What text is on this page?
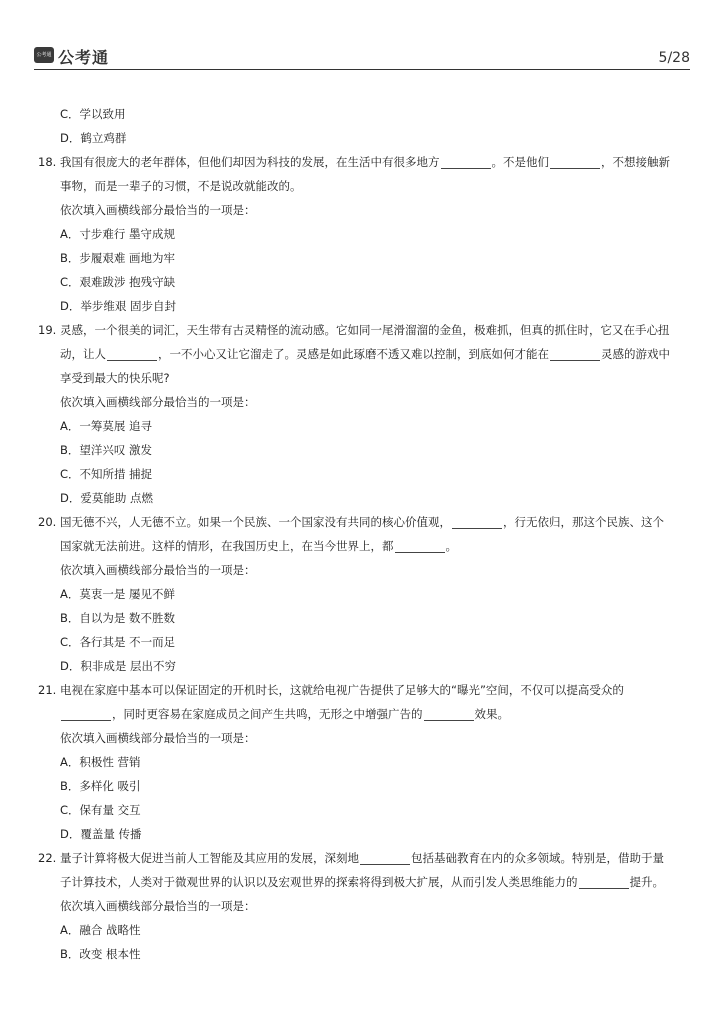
公考通 公考通	5/28
C．学以致用
D．鹤立鸡群
18. 我国有很庞大的老年群体，但他们却因为科技的发展，在生活中有很多地方	。不是他们	，不想接触新
事物，而是一辈子的习惯，不是说改就能改的。
依次填入画横线部分最恰当的一项是：
A．寸步难行 墨守成规
B．步履艰难 画地为牢
C．艰难跋涉 抱残守缺
D．举步维艰 固步自封
19. 灵感，一个很美的词汇，天生带有古灵精怪的流动感。它如同一尾滑溜溜的金鱼，极难抓，但真的抓住时，它又在手心扭
动，让人	，一不小心又让它溜走了。灵感是如此琢磨不透又难以控制，到底如何才能在	灵感的游戏中
享受到最大的快乐呢?
依次填入画横线部分最恰当的一项是：
A．一筹莫展 追寻
B．望洋兴叹 激发
C．不知所措 捕捉
D．爱莫能助 点燃
20. 国无德不兴，人无德不立。如果一个民族、一个国家没有共同的核心价值观，	，行无依归，那这个民族、这个
国家就无法前进。这样的情形，在我国历史上，在当今世界上，都	。
依次填入画横线部分最恰当的一项是：
A．莫衷一是 屡见不鲜
B．自以为是 数不胜数
C．各行其是 不一而足
D．积非成是 层出不穷
21. 电视在家庭中基本可以保证固定的开机时长，这就给电视广告提供了足够大的“曝光”空间，不仅可以提高受众的
，同时更容易在家庭成员之间产生共鸣，无形之中增强广告的	效果。
依次填入画横线部分最恰当的一项是：
A．积极性 营销
B．多样化 吸引
C．保有量 交互
D．覆盖量 传播
22. 量子计算将极大促进当前人工智能及其应用的发展，深刻地	包括基础教育在内的众多领域。特别是，借助于量
子计算技术，人类对于微观世界的认识以及宏观世界的探索将得到极大扩展，从而引发人类思维能力的	提升。
依次填入画横线部分最恰当的一项是：
A．融合 战略性
B．改变 根本性
